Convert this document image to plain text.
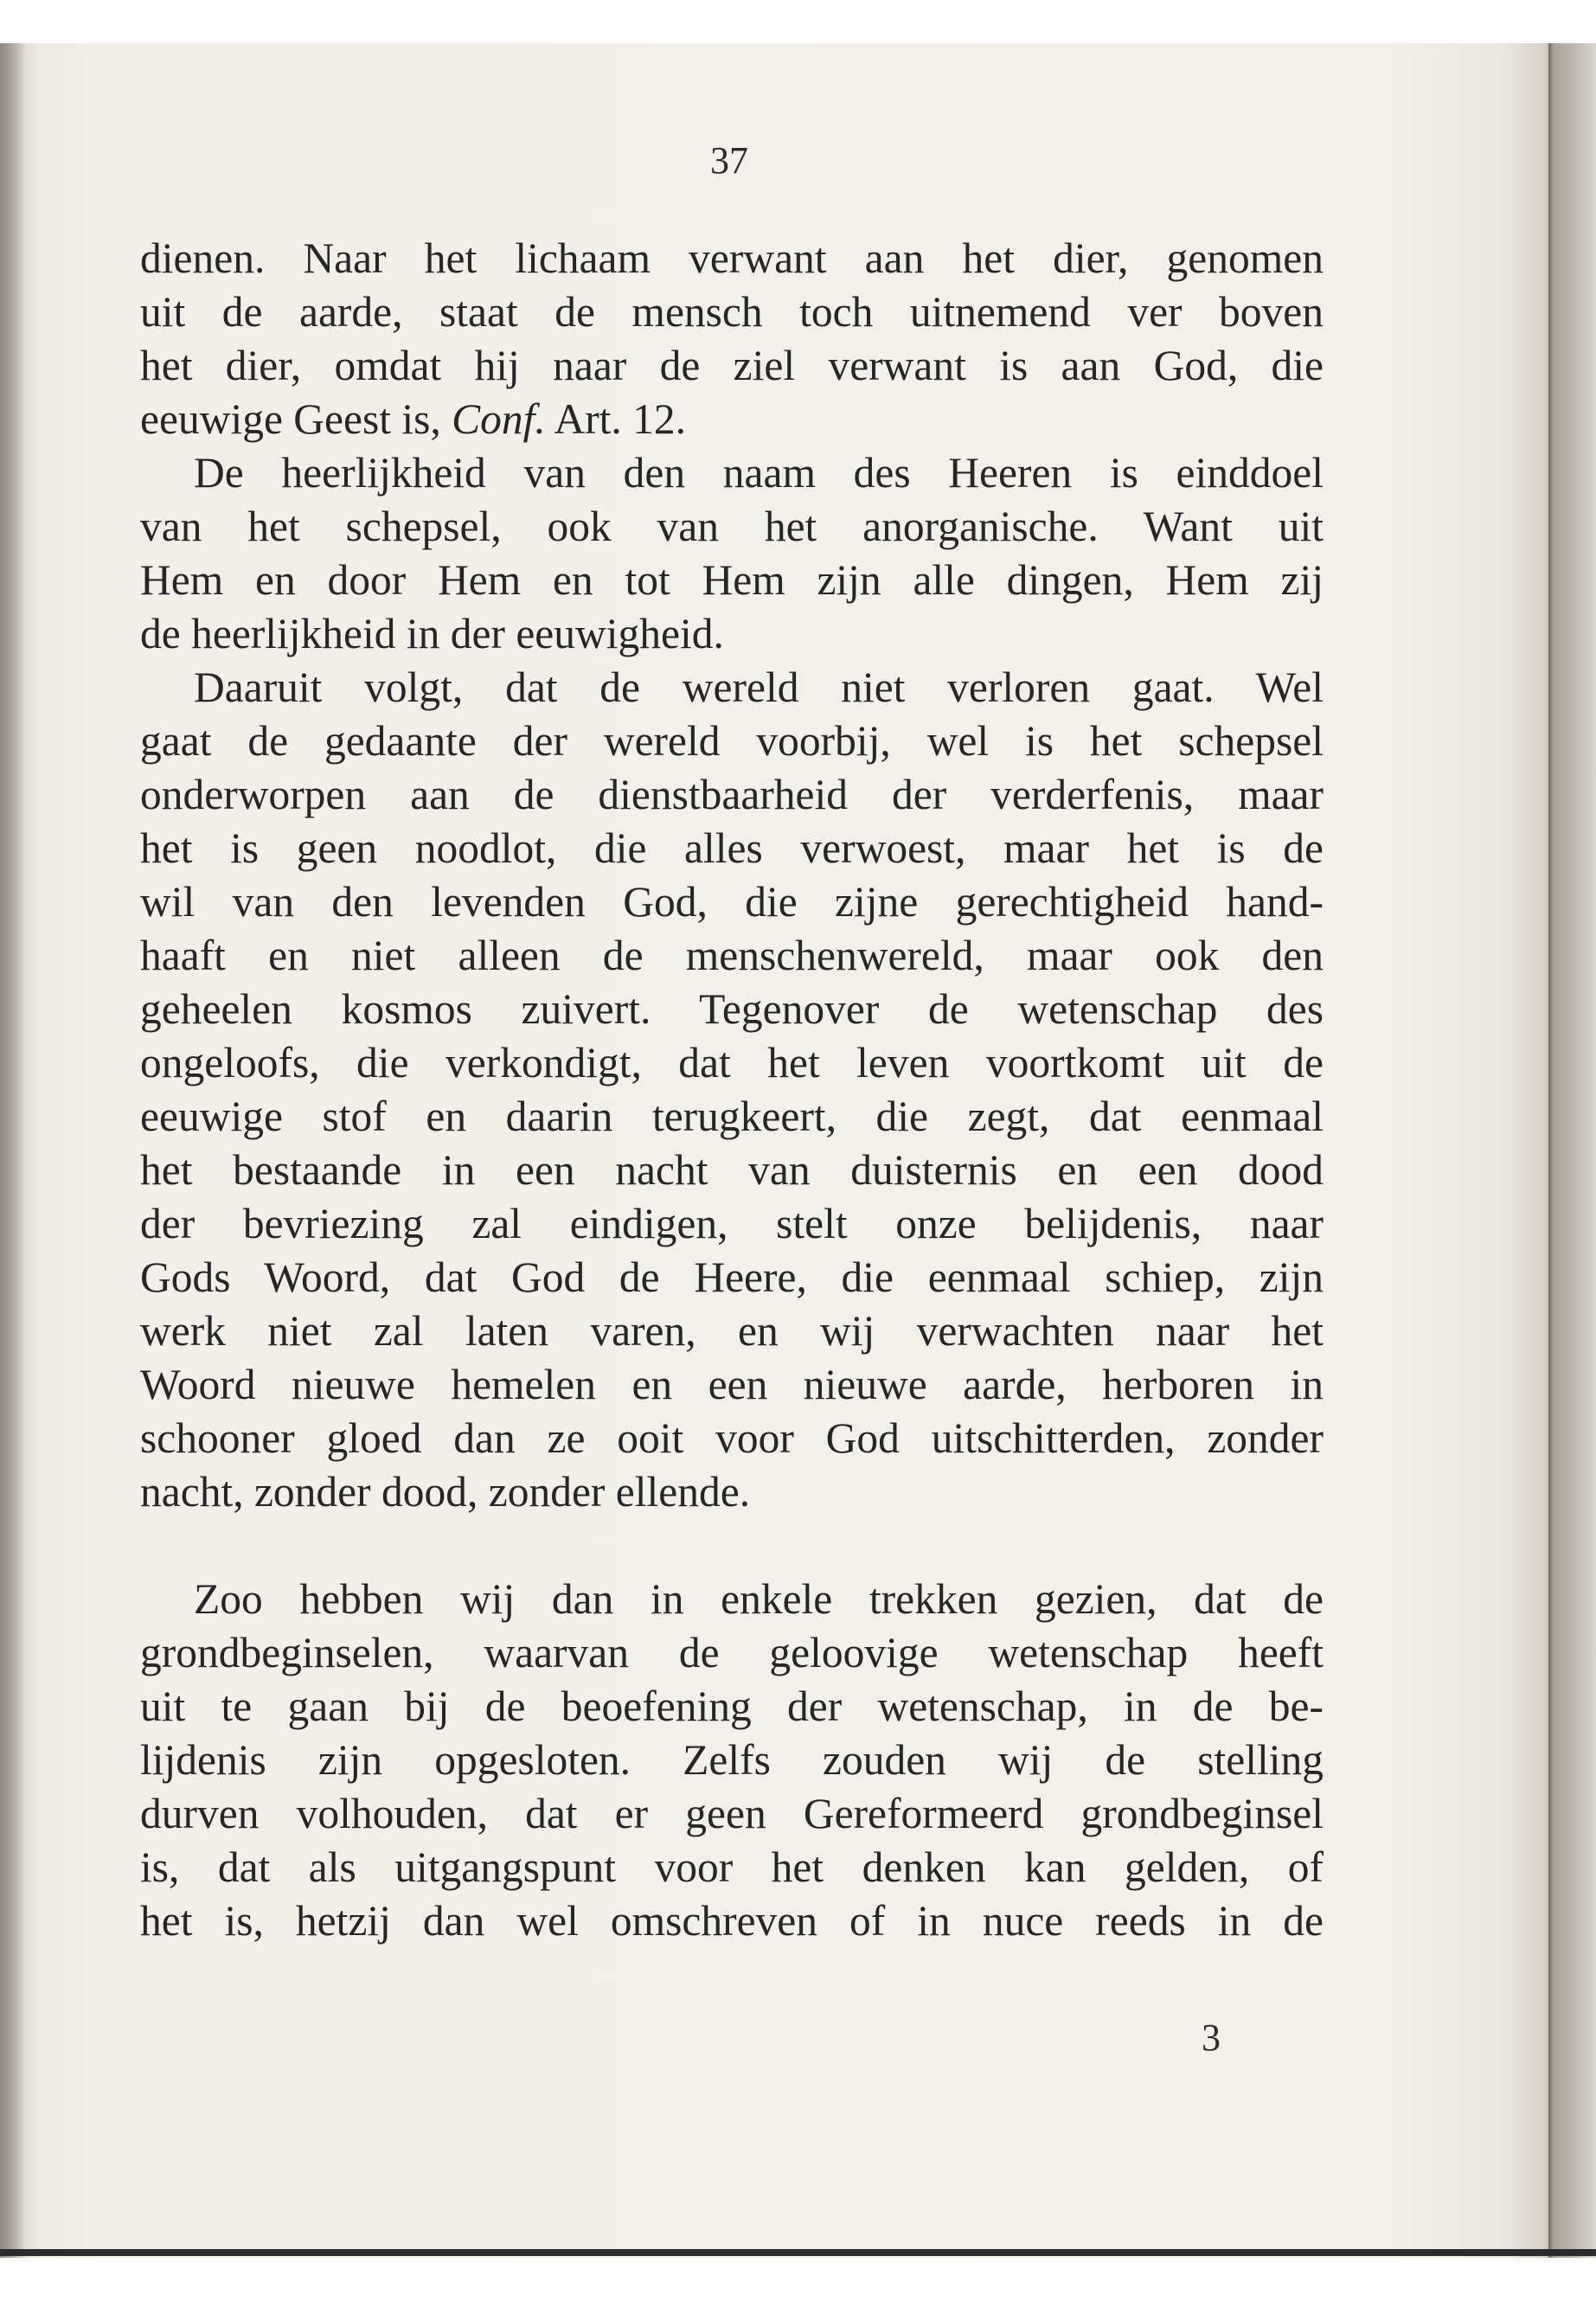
37

dienen. Naar het lichaam verwant aan het dier, genomen
uit de aarde, staat de mensch toch uitnemend ver boven
het dier, omdat hij naar de ziel verwant is aan God, die
eeuwige Geest is, Conf. Art. 12.
De heerlijkheid van den naam des Heeren is einddoel
van het schepsel, ook van het anorganische. Want uit
Hem en door Hem en tot Hem zijn alle dingen, Hem zij
de heerlijkheid in der eeuwigheid.
Daaruit volgt, dat de wereld niet verloren gaat. Wel
gaat de gedaante der wereld voorbij, wel is het schepsel
onderworpen aan de dienstbaarheid der verderfenis, maar
het is geen noodlot, die alles verwoest, maar het is de
wil van den levenden God, die zijne gerechtigheid hand-
haaft en niet alleen de menschenwereld, maar ook den
geheelen kosmos zuivert. Tegenover de wetenschap des
ongeloofs, die verkondigt, dat het leven voortkomt uit de
eeuwige stof en daarin terugkeert, die zegt, dat eenmaal
het bestaande in een nacht van duisternis en een dood
der bevriezing zal eindigen, stelt onze belijdenis, naar
Gods Woord, dat God de Heere, die eenmaal schiep, zijn
werk niet zal laten varen, en wij verwachten naar het
Woord nieuwe hemelen en een nieuwe aarde, herboren in
schooner gloed dan ze ooit voor God uitschitterden, zonder
nacht, zonder dood, zonder ellende.
Zoo hebben wij dan in enkele trekken gezien, dat de
grondbeginselen, waarvan de geloovige wetenschap heeft
uit te gaan bij de beoefening der wetenschap, in de be-
lijdenis zijn opgesloten. Zelfs zouden wij de stelling
durven volhouden, dat er geen Gereformeerd grondbeginsel
is, dat als uitgangspunt voor het denken kan gelden, of
het is, hetzij dan wel omschreven of in nuce reeds in de

3
